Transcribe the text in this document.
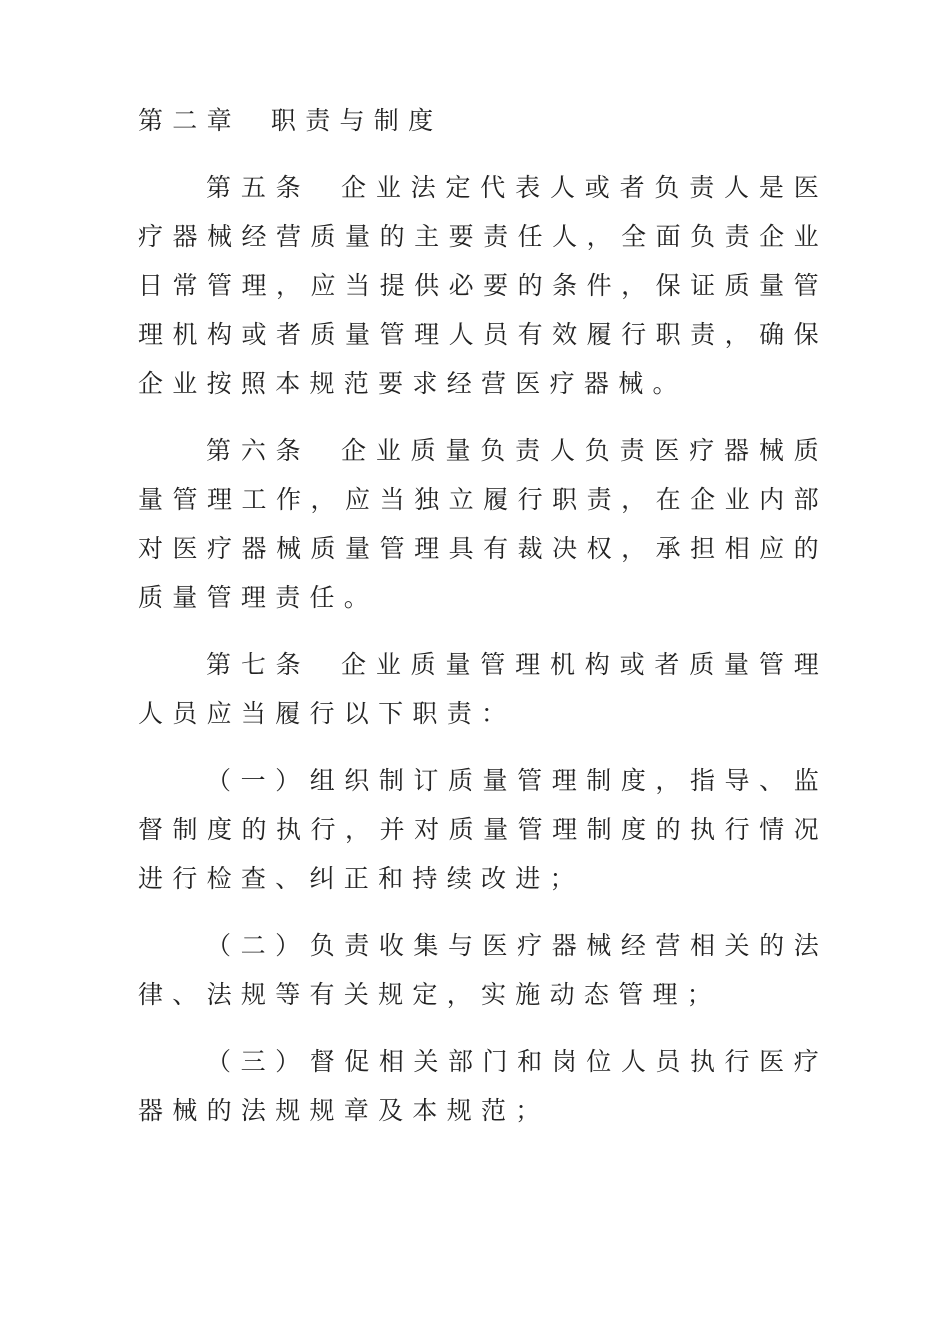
第二章 职责与制度

第五条 企业法定代表人或者负责人是医疗器械经营质量的主要责任人，全面负责企业日常管理，应当提供必要的条件，保证质量管理机构或者质量管理人员有效履行职责，确保企业按照本规范要求经营医疗器械。

第六条 企业质量负责人负责医疗器械质量管理工作，应当独立履行职责，在企业内部对医疗器械质量管理具有裁决权，承担相应的质量管理责任。

第七条 企业质量管理机构或者质量管理人员应当履行以下职责：

（一）组织制订质量管理制度，指导、监督制度的执行，并对质量管理制度的执行情况进行检查、纠正和持续改进；

（二）负责收集与医疗器械经营相关的法律、法规等有关规定，实施动态管理；

（三）督促相关部门和岗位人员执行医疗器械的法规规章及本规范；
